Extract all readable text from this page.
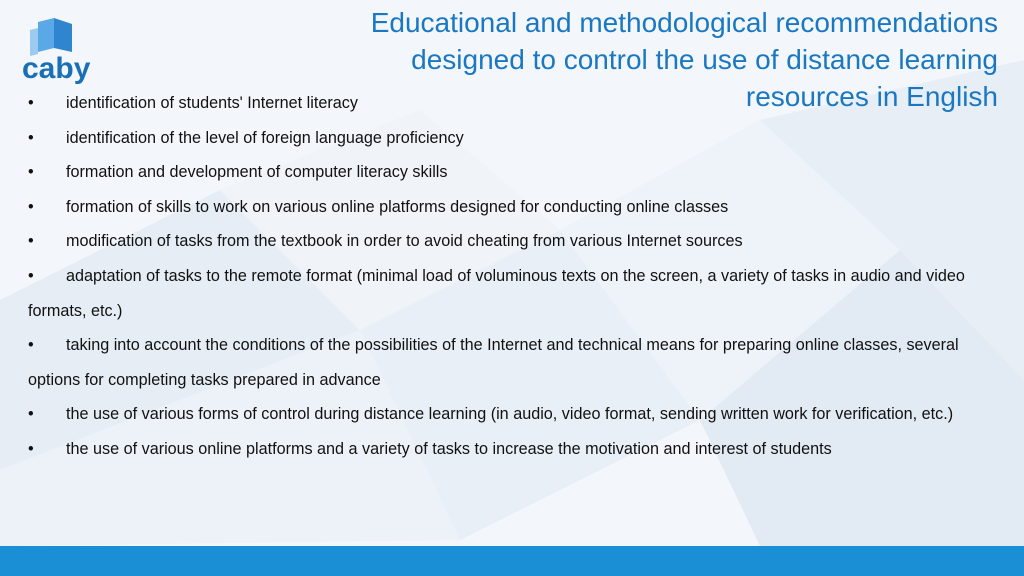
caby
Educational and methodological recommendations designed to control the use of distance learning resources in English
• identification of students' Internet literacy
• identification of the level of foreign language proficiency
• formation and development of computer literacy skills
• formation of skills to work on various online platforms designed for conducting online classes
• modification of tasks from the textbook in order to avoid cheating from various Internet sources
• adaptation of tasks to the remote format (minimal load of voluminous texts on the screen, a variety of tasks in audio and video formats, etc.)
• taking into account the conditions of the possibilities of the Internet and technical means for preparing online classes, several options for completing tasks prepared in advance
• the use of various forms of control during distance learning (in audio, video format, sending written work for verification, etc.)
• the use of various online platforms and a variety of tasks to increase the motivation and interest of students
